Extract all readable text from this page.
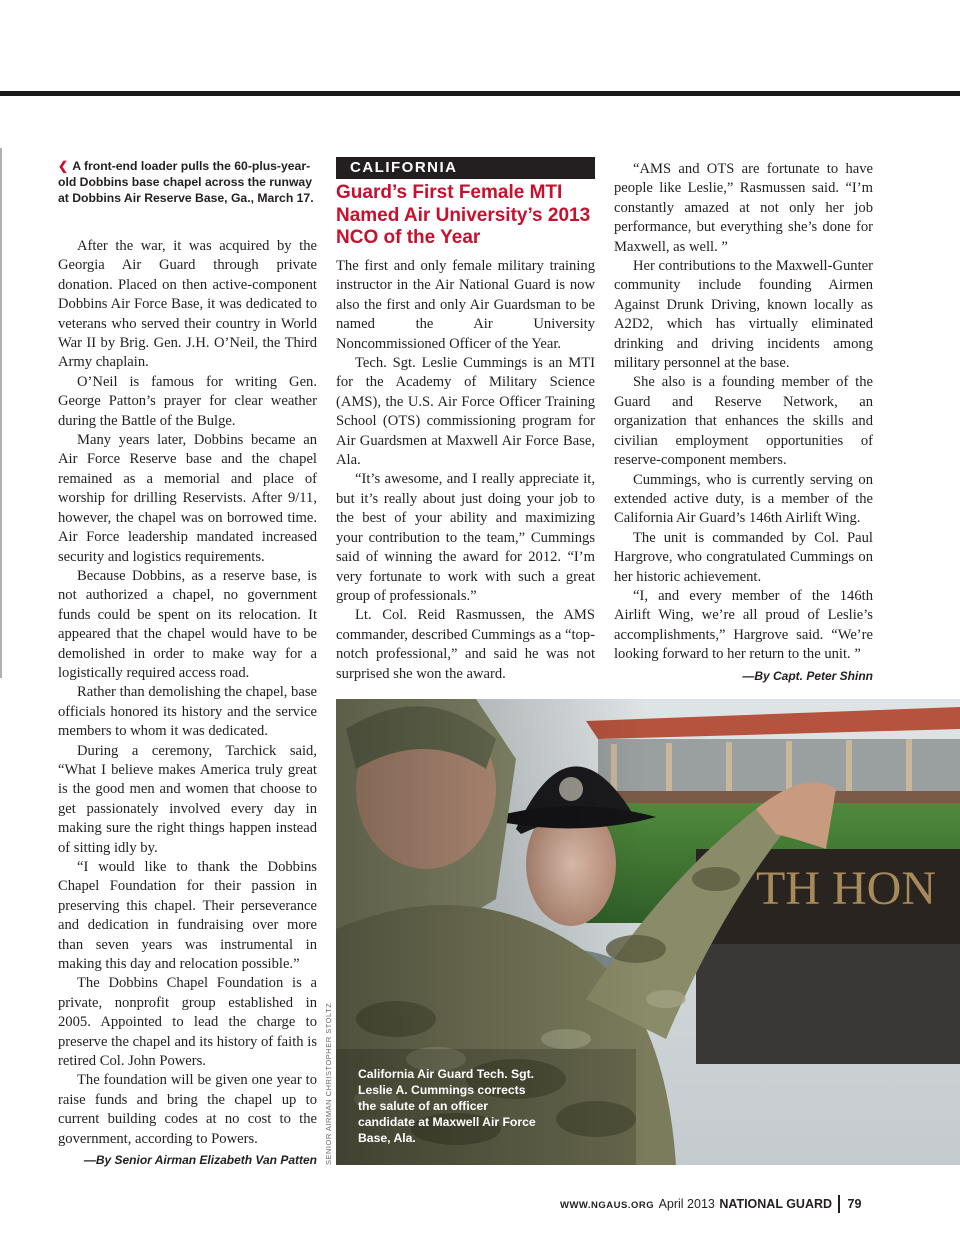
❮ A front-end loader pulls the 60-plus-year-old Dobbins base chapel across the runway at Dobbins Air Reserve Base, Ga., March 17.

After the war, it was acquired by the Georgia Air Guard through private donation. Placed on then active-component Dobbins Air Force Base, it was dedicated to veterans who served their country in World War II by Brig. Gen. J.H. O’Neil, the Third Army chaplain.

O’Neil is famous for writing Gen. George Patton’s prayer for clear weather during the Battle of the Bulge.

Many years later, Dobbins became an Air Force Reserve base and the chapel remained as a memorial and place of worship for drilling Reservists. After 9/11, however, the chapel was on borrowed time. Air Force leadership mandated increased security and logistics requirements.

Because Dobbins, as a reserve base, is not authorized a chapel, no government funds could be spent on its relocation. It appeared that the chapel would have to be demolished in order to make way for a logistically required access road.

Rather than demolishing the chapel, base officials honored its history and the service members to whom it was dedicated.

During a ceremony, Tarchick said, “What I believe makes America truly great is the good men and women that choose to get passionately involved every day in making sure the right things happen instead of sitting idly by.

“I would like to thank the Dobbins Chapel Foundation for their passion in preserving this chapel. Their perseverance and dedication in fundraising over more than seven years was instrumental in making this day and relocation possible.”

The Dobbins Chapel Foundation is a private, nonprofit group established in 2005. Appointed to lead the charge to preserve the chapel and its history of faith is retired Col. John Powers.

The foundation will be given one year to raise funds and bring the chapel up to current building codes at no cost to the government, according to Powers.

—By Senior Airman Elizabeth Van Patten

CALIFORNIA
Guard’s First Female MTI Named Air University’s 2013 NCO of the Year

The first and only female military training instructor in the Air National Guard is now also the first and only Air Guardsman to be named the Air University Noncommissioned Officer of the Year.

Tech. Sgt. Leslie Cummings is an MTI for the Academy of Military Science (AMS), the U.S. Air Force Officer Training School (OTS) commissioning program for Air Guardsmen at Maxwell Air Force Base, Ala.

“It’s awesome, and I really appreciate it, but it’s really about just doing your job to the best of your ability and maximizing your contribution to the team,” Cummings said of winning the award for 2012. “I’m very fortunate to work with such a great group of professionals.”

Lt. Col. Reid Rasmussen, the AMS commander, described Cummings as a “top-notch professional,” and said he was not surprised she won the award.

“AMS and OTS are fortunate to have people like Leslie,” Rasmussen said. “I’m constantly amazed at not only her job performance, but everything she’s done for Maxwell, as well. ”

Her contributions to the Maxwell-Gunter community include founding Airmen Against Drunk Driving, known locally as A2D2, which has virtually eliminated drinking and driving incidents among military personnel at the base.

She also is a founding member of the Guard and Reserve Network, an organization that enhances the skills and civilian employment opportunities of reserve-component members.

Cummings, who is currently serving on extended active duty, is a member of the California Air Guard’s 146th Airlift Wing.

The unit is commanded by Col. Paul Hargrove, who congratulated Cummings on her historic achievement.

“I, and every member of the 146th Airlift Wing, we’re all proud of Leslie’s accomplishments,” Hargrove said. “We’re looking forward to her return to the unit. ”

—By Capt. Peter Shinn

California Air Guard Tech. Sgt. Leslie A. Cummings corrects the salute of an officer candidate at Maxwell Air Force Base, Ala.
SENIOR AIRMAN CHRISTOPHER STOLTZ
WWW.NGAUS.ORG April 2013 NATIONAL GUARD 79
